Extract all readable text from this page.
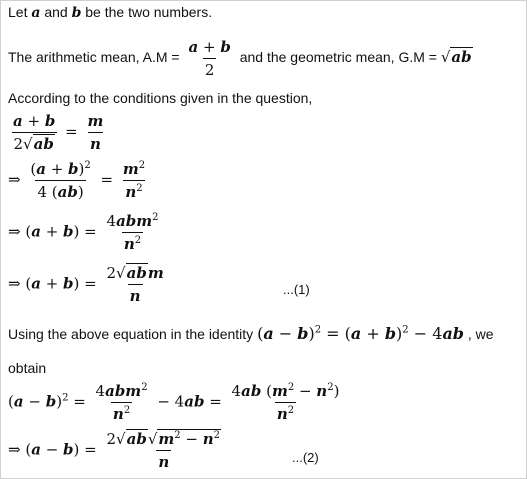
Let a and b be the two numbers.
The arithmetic mean, $A.M = \frac{a + b}{2}$ and the geometric mean, G.M = √ab
According to the conditions given in the question,
$\frac{a + b}{2√ab} = \frac{m}{n}$
⇒ $\frac{(a + b)^2}{4 (ab)} = \frac{m^2}{n^2}$
⇒ $(a + b) = \frac{4abm^2}{n^2}$
⇒ $(a + b) = \frac{\text{2√abm}}{n}$	...(1)
Using the above equation in the identity $(a - b)^2 = (a + b)^2 - 4ab$ , we
obtain
$(a - b)^2 = \frac{4abm^2}{n^2} - 4ab = \frac{4ab (m^2 - n^2)}{n^2}$
⇒ $(a - b) = \frac{2√ab√m^2 - n^2}{n}$	...(2)
